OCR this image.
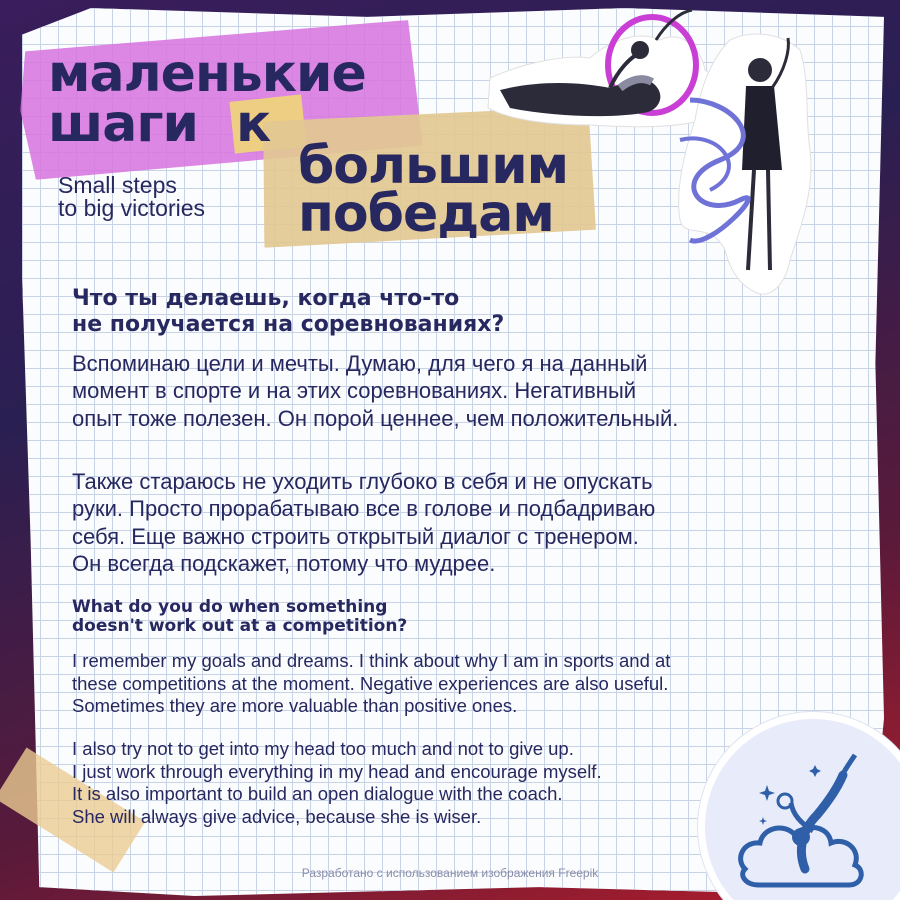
маленькие
шаги к
большим
победам
Small steps
to big victories
Что ты делаешь, когда что-то
не получается на соревнованиях?
Вспоминаю цели и мечты. Думаю, для чего я на данный
момент в спорте и на этих соревнованиях. Негативный
опыт тоже полезен. Он порой ценнее, чем положительный.
Также стараюсь не уходить глубоко в себя и не опускать
руки. Просто прорабатываю все в голове и подбадриваю
себя. Еще важно строить открытый диалог с тренером.
Он всегда подскажет, потому что мудрее.
What do you do when something
doesn't work out at a competition?
I remember my goals and dreams. I think about why I am in sports and at
these competitions at the moment. Negative experiences are also useful.
Sometimes they are more valuable than positive ones.
I also try not to get into my head too much and not to give up.
I just work through everything in my head and encourage myself.
It is also important to build an open dialogue with the coach.
She will always give advice, because she is wiser.
Разработано с использованием изображения Freepik
